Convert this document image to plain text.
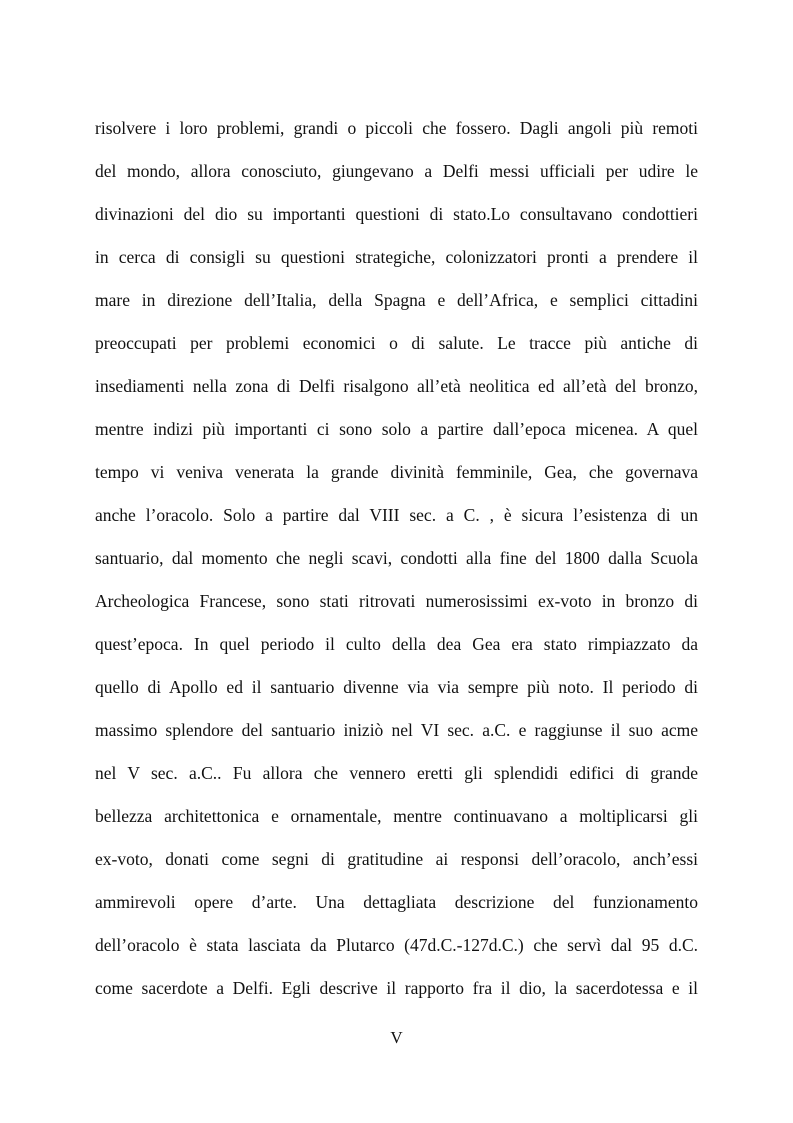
risolvere i loro problemi, grandi o piccoli che fossero. Dagli angoli più remoti
del mondo, allora conosciuto, giungevano a Delfi messi ufficiali per udire le
divinazioni del dio su importanti questioni di stato.Lo consultavano condottieri
in cerca di consigli su questioni strategiche, colonizzatori pronti a prendere il
mare in direzione dell’Italia, della Spagna e dell’Africa, e semplici cittadini
preoccupati per problemi economici o di salute. Le tracce più antiche di
insediamenti nella zona di Delfi risalgono all’età neolitica ed all’età del bronzo,
mentre indizi più importanti ci sono solo a partire dall’epoca micenea. A quel
tempo vi veniva venerata la grande divinità femminile, Gea, che governava
anche l’oracolo. Solo a partire dal VIII sec. a C. , è sicura l’esistenza di un
santuario, dal momento che negli scavi, condotti alla fine del 1800 dalla Scuola
Archeologica Francese, sono stati ritrovati numerosissimi ex-voto in bronzo di
quest’epoca. In quel periodo il culto della dea Gea era stato rimpiazzato da
quello di Apollo ed il santuario divenne via via sempre più noto. Il periodo di
massimo splendore del santuario iniziò nel VI sec. a.C. e raggiunse il suo acme
nel V sec. a.C.. Fu allora che vennero eretti gli splendidi edifici di grande
bellezza architettonica e ornamentale, mentre continuavano a moltiplicarsi gli
ex-voto, donati come segni di gratitudine ai responsi dell’oracolo, anch’essi
ammirevoli opere d’arte. Una dettagliata descrizione del funzionamento
dell’oracolo è stata lasciata da Plutarco (47d.C.-127d.C.) che servì dal 95 d.C.
come sacerdote a Delfi. Egli descrive il rapporto fra il dio, la sacerdotessa e il
V
